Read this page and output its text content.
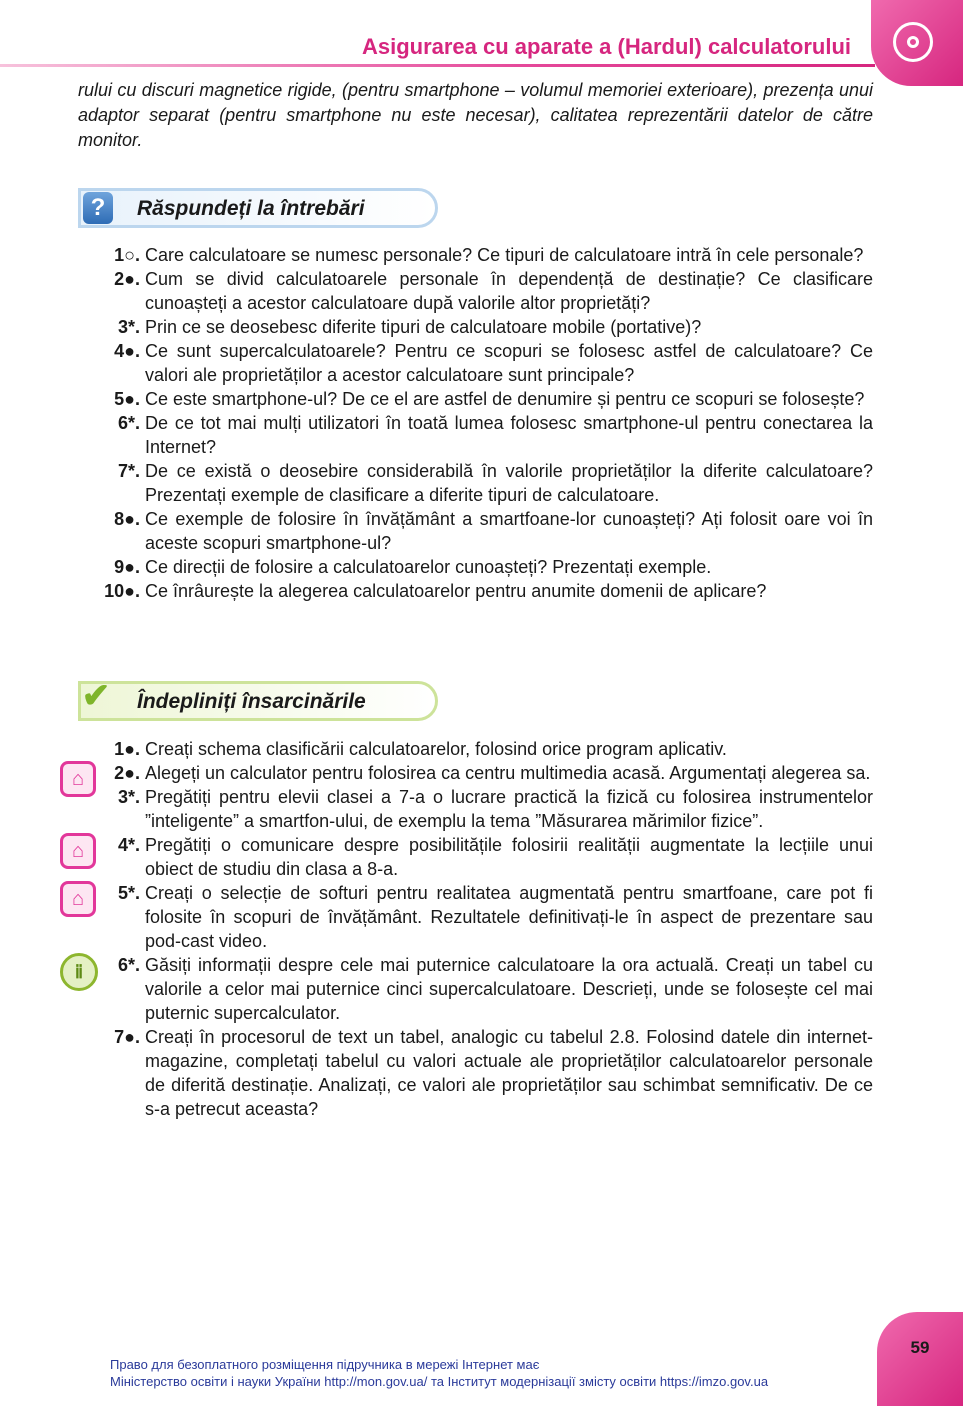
Asigurarea cu aparate a (Hardul) calculatorului
rului cu discuri magnetice rigide, (pentru smartphone – volumul memoriei exterioare), prezența unui adaptor separat (pentru smartphone nu este necesar), calitatea reprezentării datelor de către monitor.
?	Răspundeți la întrebări
1○. Care calculatoare se numesc personale? Ce tipuri de calculatoare intră în cele personale?
2●. Cum se divid calculatoarele personale în dependență de destinație? Ce clasificare cunoașteți a acestor calculatoare după valorile altor proprietăți?
3*. Prin ce se deosebesc diferite tipuri de calculatoare mobile (portative)?
4●. Ce sunt supercalculatoarele? Pentru ce scopuri se folosesc astfel de calculatoare? Ce valori ale proprietăților a acestor calculatoare sunt principale?
5●. Ce este smartphone-ul? De ce el are astfel de denumire și pentru ce scopuri se folosește?
6*. De ce tot mai mulți utilizatori în toată lumea folosesc smartphone-ul pentru conectarea la Internet?
7*. De ce există o deosebire considerabilă în valorile proprietăților la diferite calculatoare? Prezentați exemple de clasificare a diferite tipuri de calculatoare.
8●. Ce exemple de folosire în învățământ a smartfoane-lor cunoașteți? Ați folosit oare voi în aceste scopuri smartphone-ul?
9●. Ce direcții de folosire a calculatoarelor cunoașteți? Prezentați exemple.
10●. Ce înrâurește la alegerea calculatoarelor pentru anumite domenii de aplicare?
✔ Îndepliniți însarcinările
1●. Creați schema clasificării calculatoarelor, folosind orice program aplicativ.
⌂	2●. Alegeți un calculator pentru folosirea ca centru multimedia acasă. Argumentați alegerea sa.
3*. Pregătiți pentru elevii clasei a 7-a o lucrare practică la fizică cu folosirea instrumentelor ”inteligente” a smartfon-ului, de exemplu la tema ”Măsurarea mărimilor fizice”.
⌂	4*. Pregătiți o comunicare despre posibilitățile folosirii realității augmentate la lecțiile unui obiect de studiu din clasa a 8-a.
⌂	5*. Creați o selecție de softuri pentru realitatea augmentată pentru smartfoane, care pot fi folosite în scopuri de învățământ. Rezultatele definitivați-le în aspect de prezentare sau pod-cast video.
ⅱ	6*. Găsiți informații despre cele mai puternice calculatoare la ora actuală. Creați un tabel cu valorile a celor mai puternice cinci supercalculatoare. Descrieți, unde se folosește cel mai puternic supercalculator.
7●. Creați în procesorul de text un tabel, analogic cu tabelul 2.8. Folosind datele din internet-magazine, completați tabelul cu valori actuale ale proprietăților calculatoarelor personale de diferită destinație. Analizați, ce valori ale proprietăților sau schimbat semnificativ. De ce s-a petrecut aceasta?
59
Право для безоплатного розміщення підручника в мережі Інтернет має
Міністерство освіти і науки України http://mon.gov.ua/ та Інститут модернізації змісту освіти https://imzo.gov.ua
